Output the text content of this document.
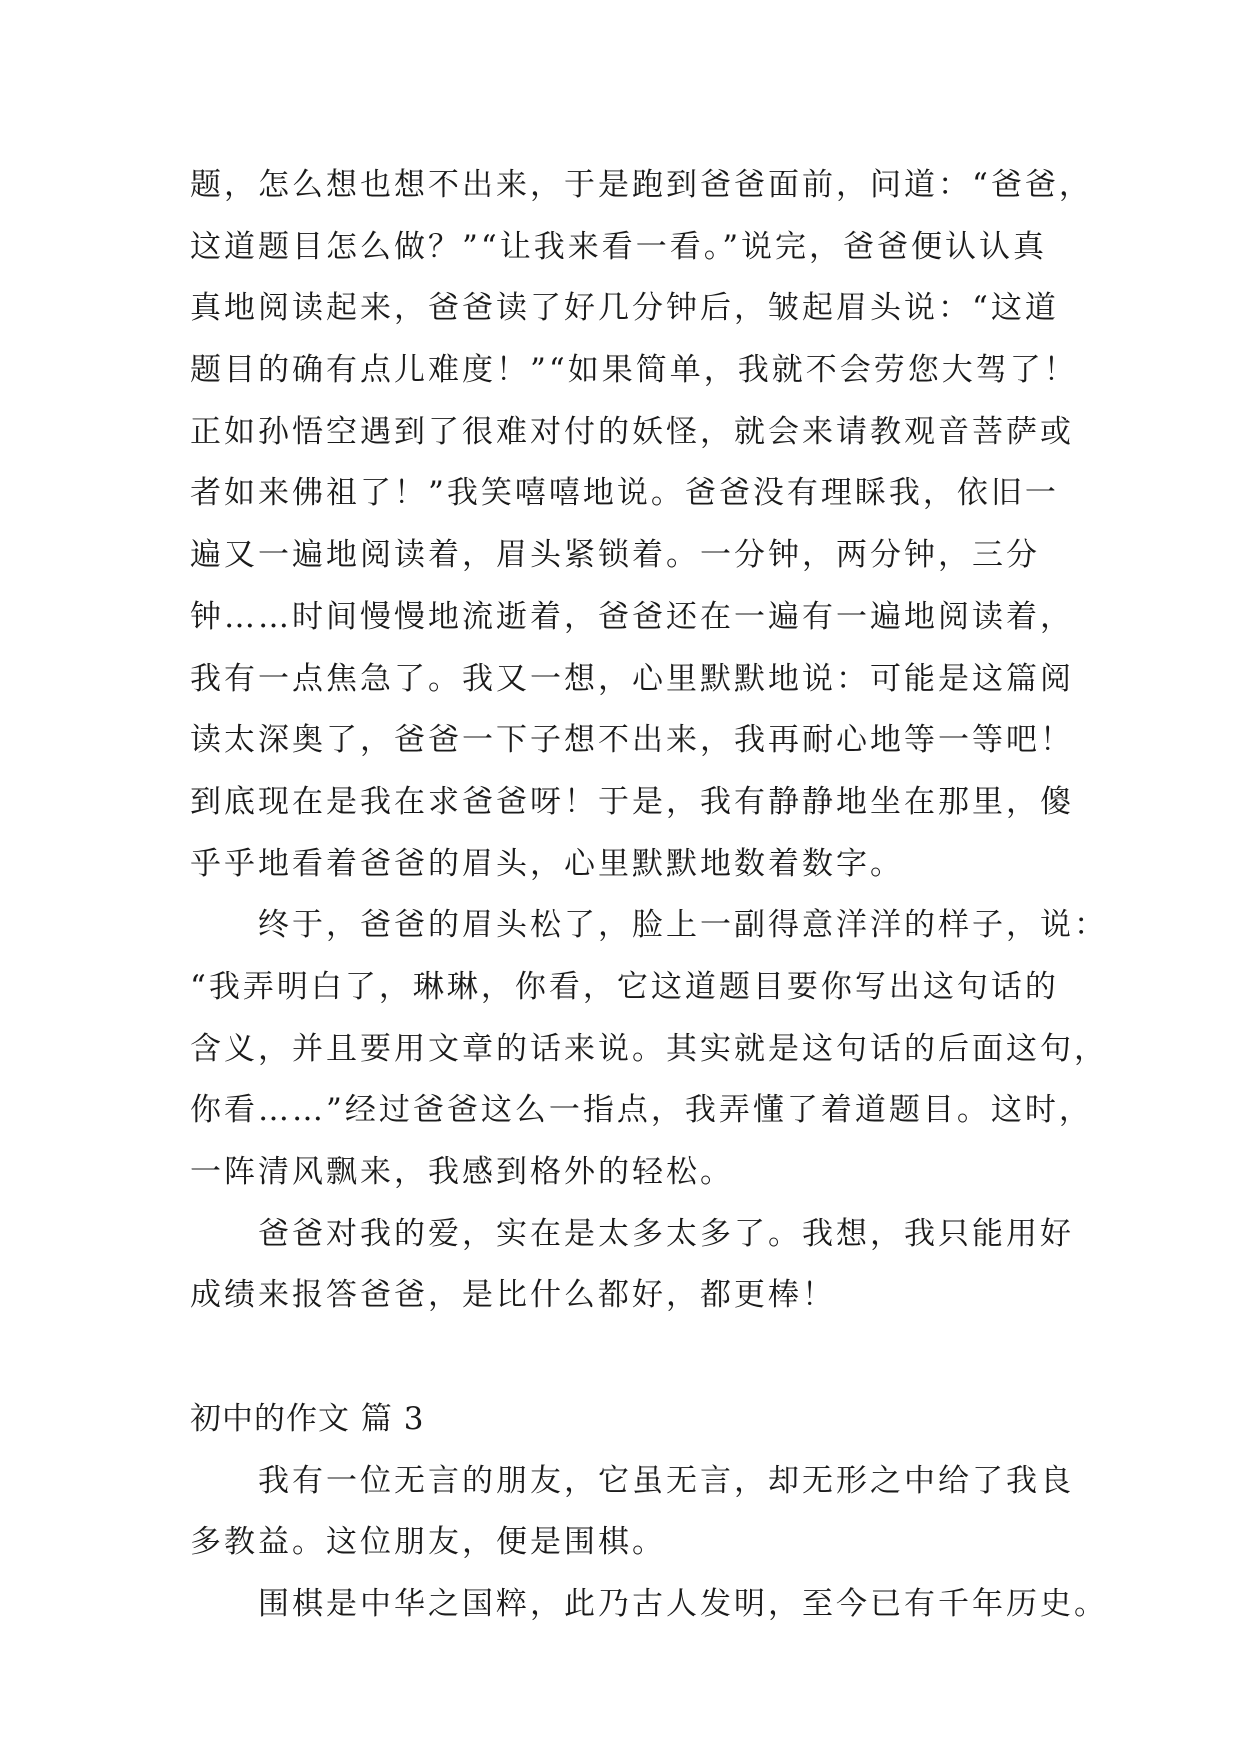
题，怎么想也想不出来，于是跑到爸爸面前，问道：“爸爸，
这道题目怎么做？”“让我来看一看。”说完，爸爸便认认真
真地阅读起来，爸爸读了好几分钟后，皱起眉头说：“这道
题目的确有点儿难度！”“如果简单，我就不会劳您大驾了！
正如孙悟空遇到了很难对付的妖怪，就会来请教观音菩萨或
者如来佛祖了！”我笑嘻嘻地说。爸爸没有理睬我，依旧一
遍又一遍地阅读着，眉头紧锁着。一分钟，两分钟，三分
钟……时间慢慢地流逝着，爸爸还在一遍有一遍地阅读着，
我有一点焦急了。我又一想，心里默默地说：可能是这篇阅
读太深奥了，爸爸一下子想不出来，我再耐心地等一等吧！
到底现在是我在求爸爸呀！于是，我有静静地坐在那里，傻
乎乎地看着爸爸的眉头，心里默默地数着数字。
终于，爸爸的眉头松了，脸上一副得意洋洋的样子，说：
“我弄明白了，琳琳，你看，它这道题目要你写出这句话的
含义，并且要用文章的话来说。其实就是这句话的后面这句，
你看……”经过爸爸这么一指点，我弄懂了着道题目。这时，
一阵清风飘来，我感到格外的轻松。
爸爸对我的爱，实在是太多太多了。我想，我只能用好
成绩来报答爸爸，是比什么都好，都更棒！
初中的作文 篇 3
我有一位无言的朋友，它虽无言，却无形之中给了我良
多教益。这位朋友，便是围棋。
围棋是中华之国粹，此乃古人发明，至今已有千年历史。
